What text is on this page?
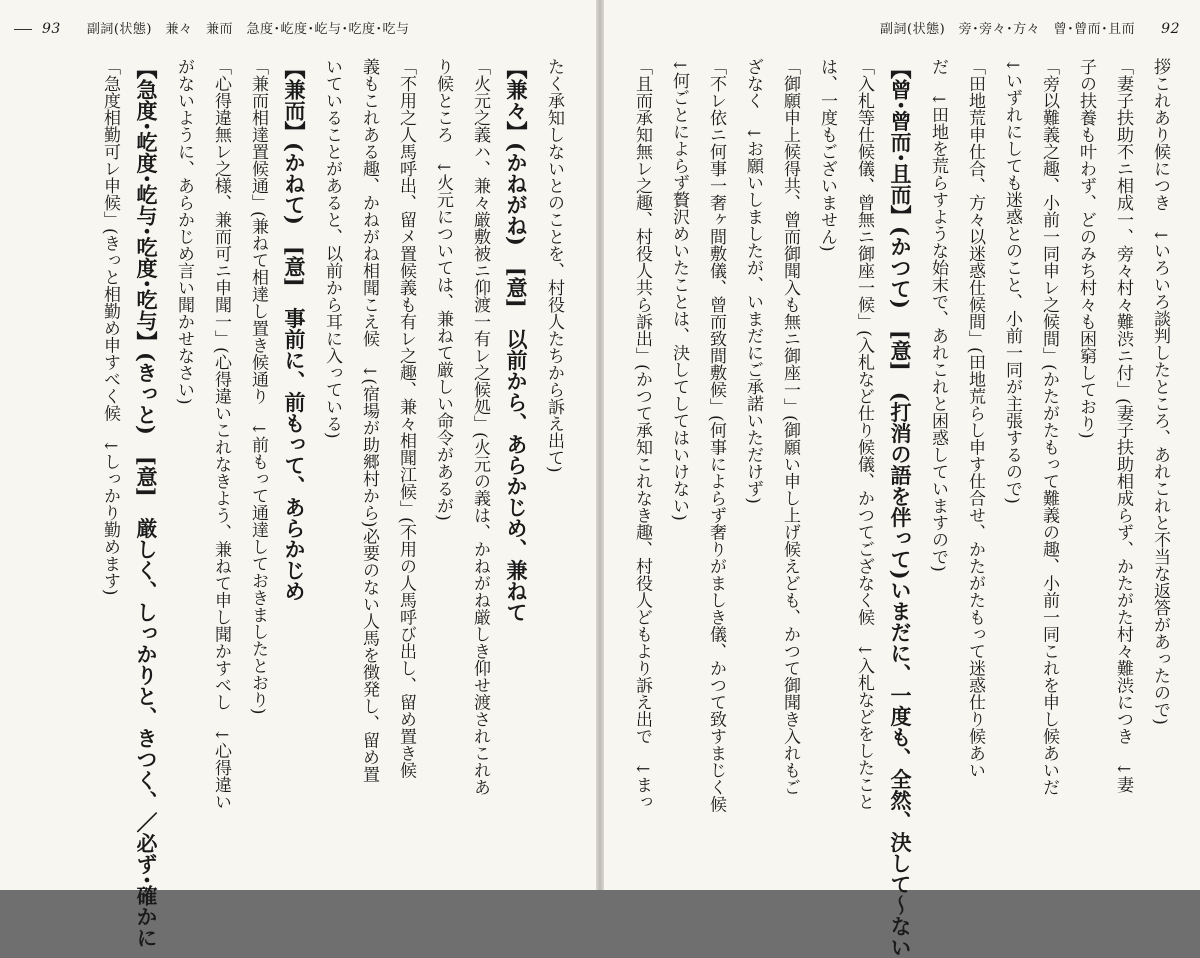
93 副詞(状態)　兼々　兼而　急度･屹度･屹与･吃度･吃与
たく承知しないとのことを、村役人たちから訴え出て)
【兼々】(かねがね)　[意]　以前から、あらかじめ、兼ねて
「火元之義ハ、兼々厳敷被ニ仰渡一有レ之候処」(火元の義は、かねがね厳しき仰せ渡されこれあ
り候ところ　↓火元については、兼ねて厳しい命令があるが)
「不用之人馬呼出、留メ置候義も有レ之趣、兼々相聞江候」(不用の人馬呼び出し、留め置き候
義もこれある趣、かねがね相聞こえ候　↓(宿場が助郷村から)必要のない人馬を徴発し、留め置
いていることがあると、以前から耳に入っている)
【兼而】(かねて)　[意]　事前に、前もって、あらかじめ
「兼而相達置候通」(兼ねて相達し置き候通り　↓前もって通達しておきましたとおり)
「心得違無レ之様、兼而可ニ申聞一」(心得違いこれなきよう、兼ねて申し聞かすべし　↓心得違い
がないように、あらかじめ言い聞かせなさい)
【急度･屹度･屹与･吃度･吃与】(きっと)　[意]　厳しく、しっかりと、きつく、／必ず･確かに
「急度相勤可レ申候」(きっと相勤め申すべく候　↓しっかり勤めます)
副詞(状態)　旁･旁々･方々　曾･曾而･且而 92
拶これあり候につき　↓いろいろ談判したところ、あれこれと不当な返答があったので)
「妻子扶助不ニ相成一、旁々村々難渋ニ付」(妻子扶助相成らず、かたがた村々難渋につき　↓妻
子の扶養も叶わず、どのみち村々も困窮しており)
「旁以難義之趣、小前一同申レ之候間」(かたがたもって難義の趣、小前一同これを申し候あいだ
↓いずれにしても迷惑とのこと、小前一同が主張するので)
「田地荒申仕合、方々以迷惑仕候間」(田地荒らし申す仕合せ、かたがたもって迷惑仕り候あい
だ　↓田地を荒らすような始末で、あれこれと困惑していますので)
【曾･曾而･且而】(かつて)　[意]　(打消の語を伴って)いまだに、一度も、全然、決して〜ない
「入札等仕候儀、曾無ニ御座一候」(入札など仕り候儀、かつてござなく候　↓入札などをしたこと
は、一度もございません)
「御願申上候得共、曾而御聞入も無ニ御座一」(御願い申し上げ候えども、かつて御聞き入れもご
ざなく　↓お願いしましたが、いまだにご承諾いただけず)
「不レ依ニ何事一奢ヶ間敷儀、曾而致間敷候」(何事によらず奢りがましき儀、かつて致すまじく候
↓何ごとによらず贅沢めいたことは、決してしてはいけない)
「且而承知無レ之趣、村役人共ら訴出」(かつて承知これなき趣、村役人どもより訴え出で　↓まっ
